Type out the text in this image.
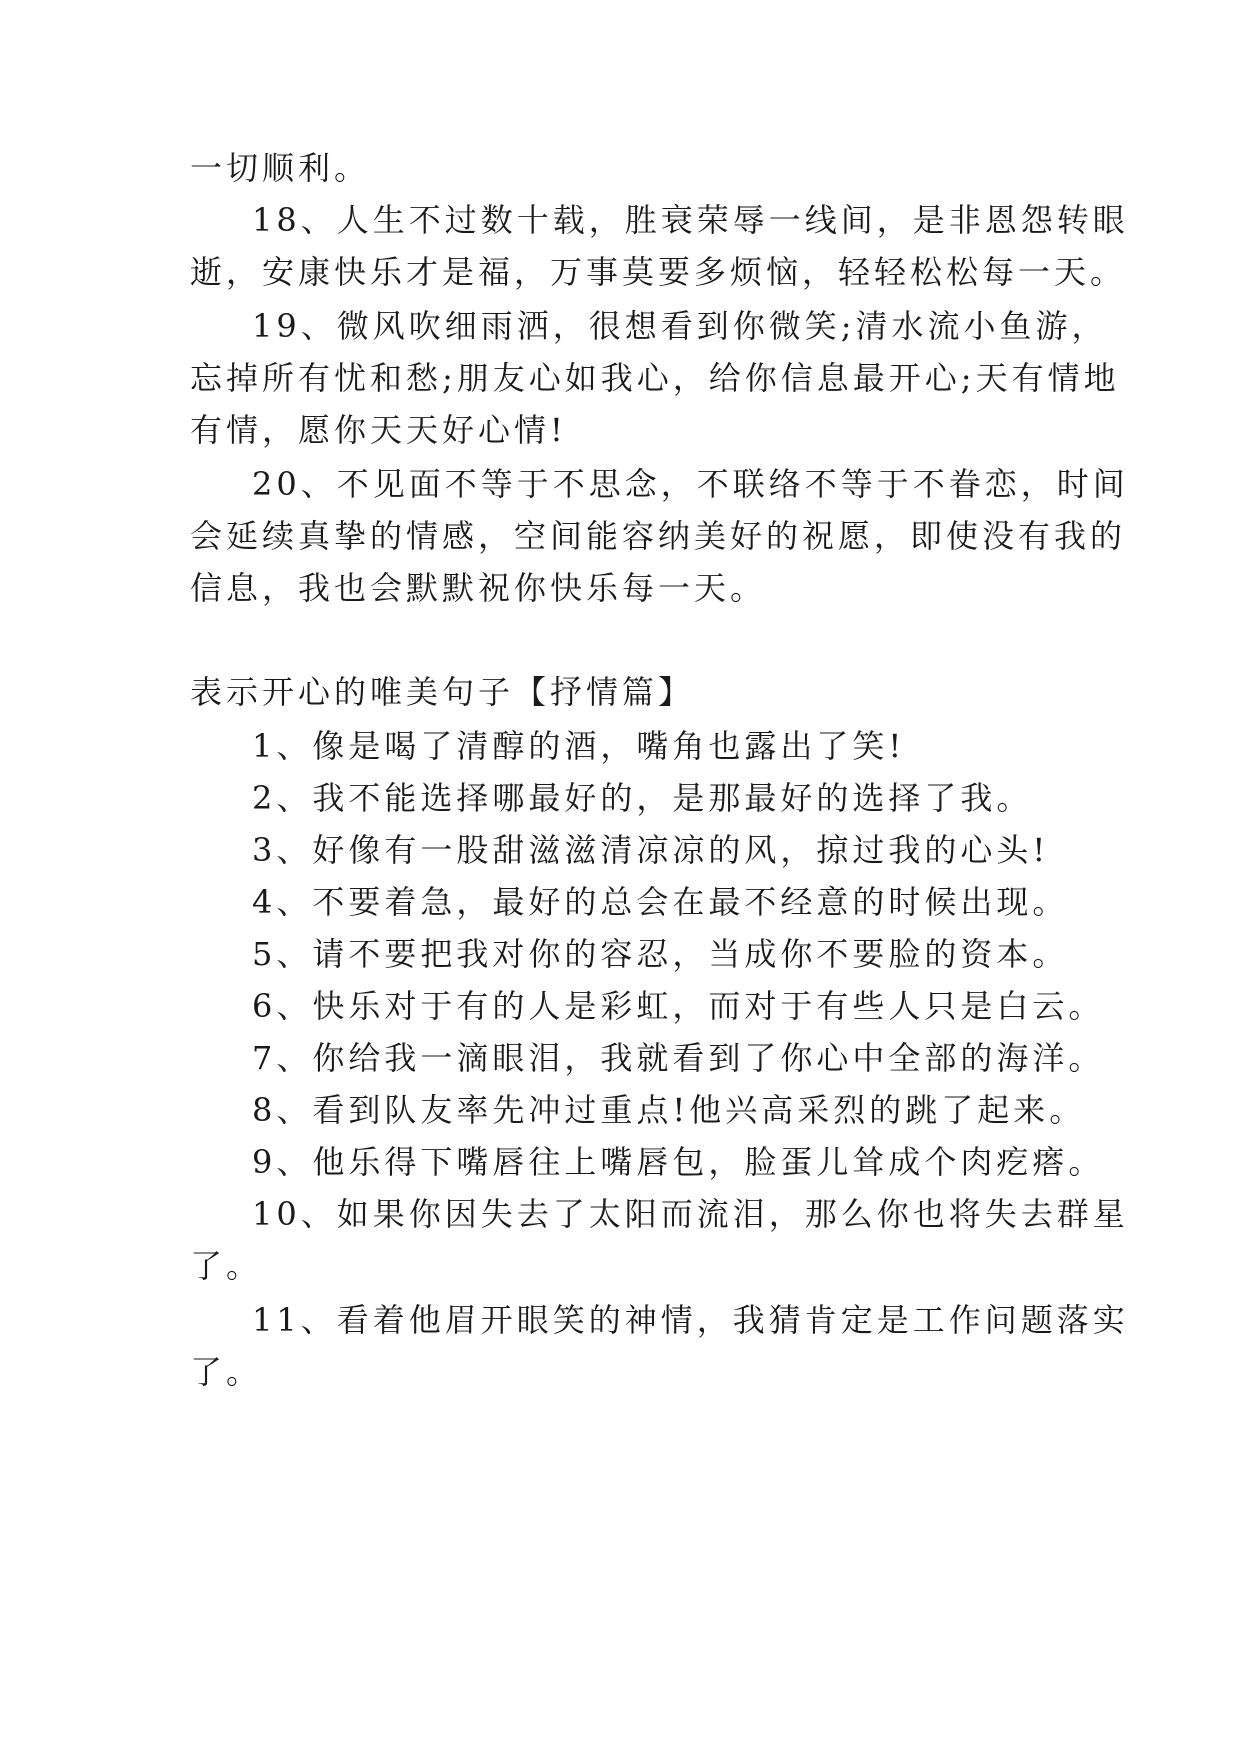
一切顺利。
18、人生不过数十载，胜衰荣辱一线间，是非恩怨转眼
逝，安康快乐才是福，万事莫要多烦恼，轻轻松松每一天。
19、微风吹细雨洒，很想看到你微笑;清水流小鱼游，
忘掉所有忧和愁;朋友心如我心，给你信息最开心;天有情地
有情，愿你天天好心情!
20、不见面不等于不思念，不联络不等于不眷恋，时间
会延续真挚的情感，空间能容纳美好的祝愿，即使没有我的
信息，我也会默默祝你快乐每一天。
表示开心的唯美句子【抒情篇】
1、像是喝了清醇的酒，嘴角也露出了笑!
2、我不能选择哪最好的，是那最好的选择了我。
3、好像有一股甜滋滋清凉凉的风，掠过我的心头!
4、不要着急，最好的总会在最不经意的时候出现。
5、请不要把我对你的容忍，当成你不要脸的资本。
6、快乐对于有的人是彩虹，而对于有些人只是白云。
7、你给我一滴眼泪，我就看到了你心中全部的海洋。
8、看到队友率先冲过重点!他兴高采烈的跳了起来。
9、他乐得下嘴唇往上嘴唇包，脸蛋儿耸成个肉疙瘩。
10、如果你因失去了太阳而流泪，那么你也将失去群星
了。
11、看着他眉开眼笑的神情，我猜肯定是工作问题落实
了。
